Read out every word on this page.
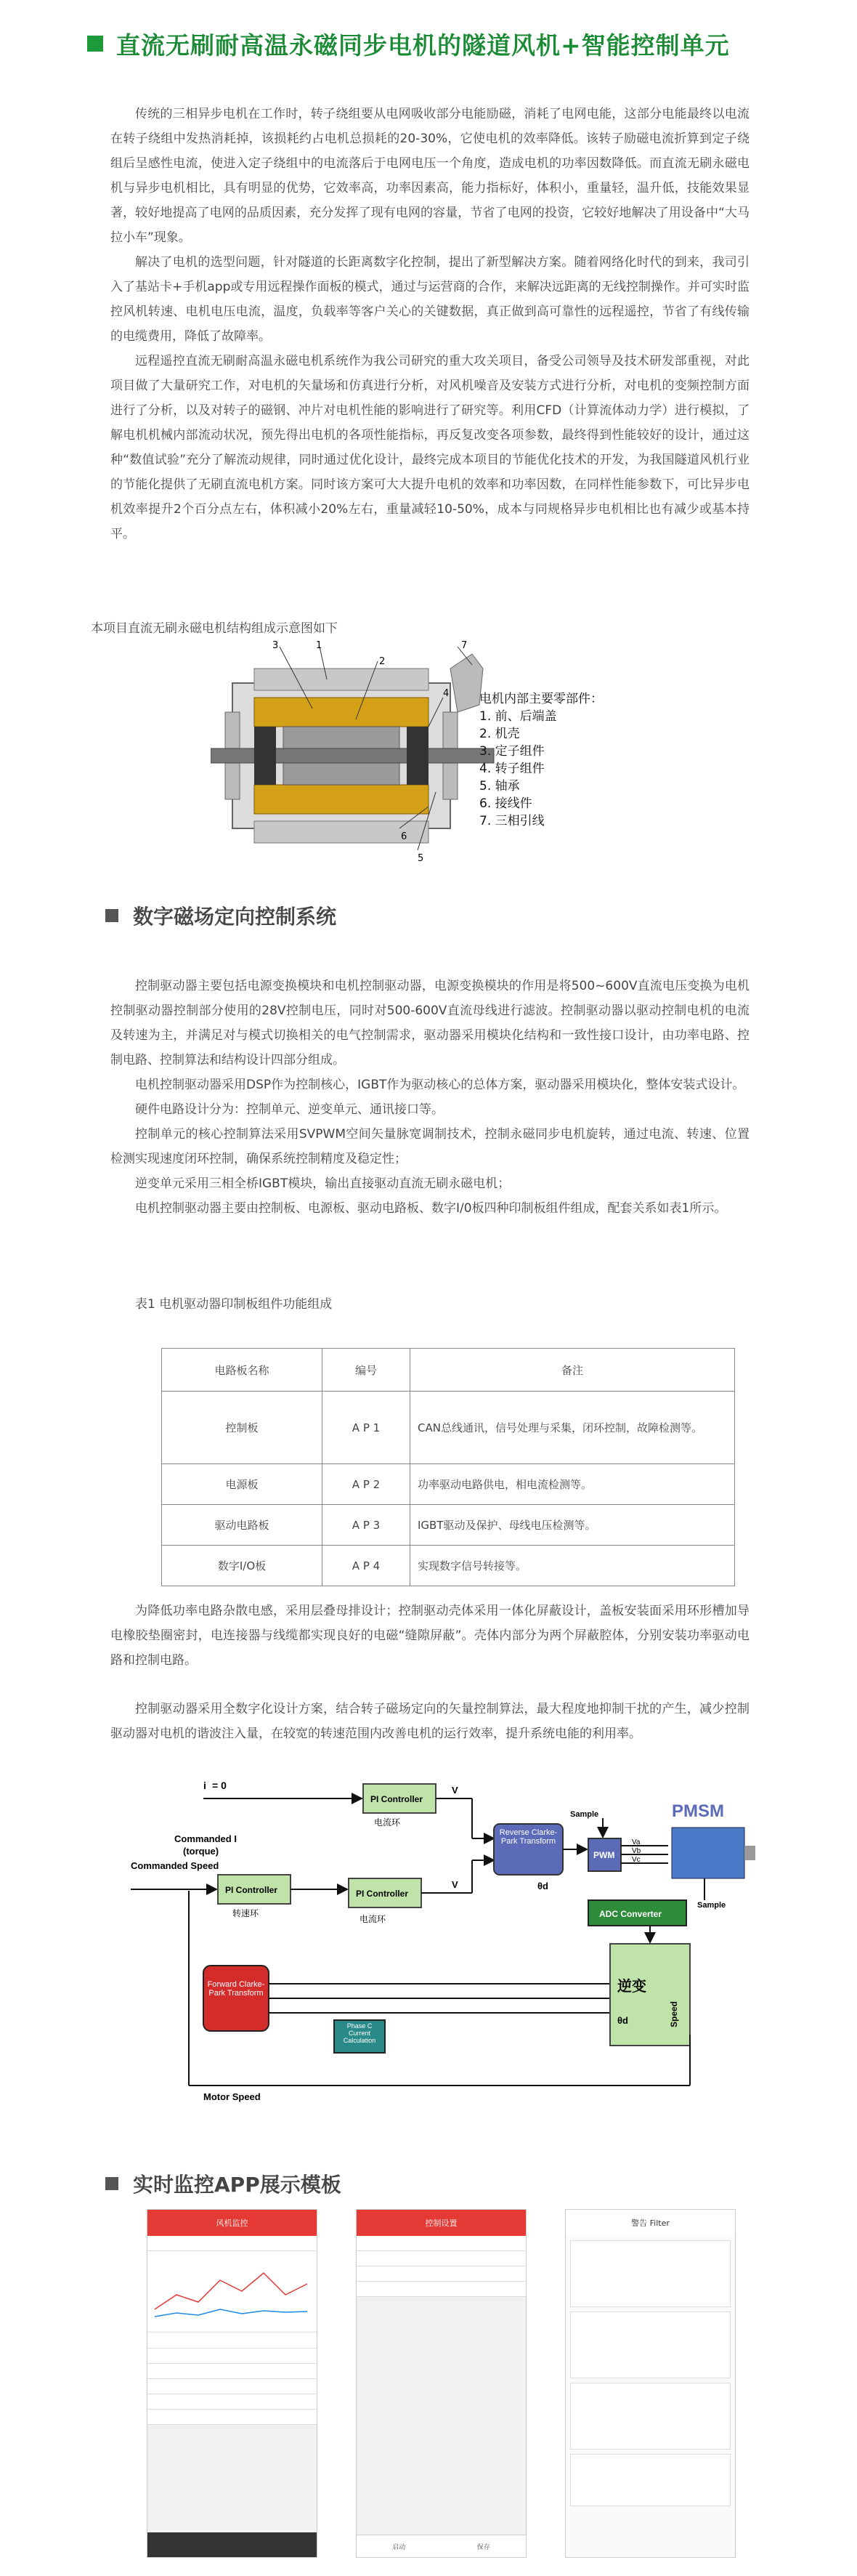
直流无刷耐高温永磁同步电机的隧道风机+智能控制单元

传统的三相异步电机在工作时，转子绕组要从电网吸收部分电能励磁，消耗了电网电能，这部分电能最终以电流在转子绕组中发热消耗掉，该损耗约占电机总损耗的20-30%，它使电机的效率降低。该转子励磁电流折算到定子绕组后呈感性电流，使进入定子绕组中的电流落后于电网电压一个角度，造成电机的功率因数降低。而直流无刷永磁电机与异步电机相比，具有明显的优势，它效率高，功率因素高，能力指标好，体积小，重量轻，温升低，技能效果显著，较好地提高了电网的品质因素，充分发挥了现有电网的容量，节省了电网的投资，它较好地解决了用设备中“大马拉小车”现象。

解决了电机的选型问题，针对隧道的长距离数字化控制，提出了新型解决方案。随着网络化时代的到来，我司引入了基站卡+手机app或专用远程操作面板的模式，通过与运营商的合作，来解决远距离的无线控制操作。并可实时监控风机转速、电机电压电流，温度，负载率等客户关心的关键数据，真正做到高可靠性的远程遥控，节省了有线传输的电缆费用，降低了故障率。

远程遥控直流无刷耐高温永磁电机系统作为我公司研究的重大攻关项目，备受公司领导及技术研发部重视，对此项目做了大量研究工作，对电机的矢量场和仿真进行分析，对风机噪音及安装方式进行分析，对电机的变频控制方面进行了分析，以及对转子的磁钢、冲片对电机性能的影响进行了研究等。利用CFD（计算流体动力学）进行模拟，了解电机机械内部流动状况，预先得出电机的各项性能指标，再反复改变各项参数，最终得到性能较好的设计，通过这种“数值试验”充分了解流动规律，同时通过优化设计，最终完成本项目的节能优化技术的开发，为我国隧道风机行业的节能化提供了无刷直流电机方案。同时该方案可大大提升电机的效率和功率因数，在同样性能参数下，可比异步电机效率提升2个百分点左右，体积减小20%左右，重量减轻10-50%，成本与同规格异步电机相比也有减少或基本持平。

本项目直流无刷永磁电机结构组成示意图如下
3	1
2
7
4
6
5
电机内部主要零部件：
1. 前、后端盖
2. 机壳
3. 定子组件
4. 转子组件
5. 轴承
6. 接线件
7. 三相引线
数字磁场定向控制系统

控制驱动器主要包括电源变换模块和电机控制驱动器，电源变换模块的作用是将500~600V直流电压变换为电机控制驱动器控制部分使用的28V控制电压，同时对500-600V直流母线进行滤波。控制驱动器以驱动控制电机的电流及转速为主，并满足对与模式切换相关的电气控制需求，驱动器采用模块化结构和一致性接口设计，由功率电路、控制电路、控制算法和结构设计四部分组成。

电机控制驱动器采用DSP作为控制核心，IGBT作为驱动核心的总体方案，驱动器采用模块化，整体安装式设计。

硬件电路设计分为：控制单元、逆变单元、通讯接口等。

控制单元的核心控制算法采用SVPWM空间矢量脉宽调制技术，控制永磁同步电机旋转，通过电流、转速、位置检测实现速度闭环控制，确保系统控制精度及稳定性；

逆变单元采用三相全桥IGBT模块，输出直接驱动直流无刷永磁电机；

电机控制驱动器主要由控制板、电源板、驱动电路板、数字I/0板四种印制板组件组成，配套关系如表1所示。

表1 电机驱动器印制板组件功能组成
电路板名称	编号	备注
控制板	A P 1	CAN总线通讯，信号处理与采集，闭环控制，故障检测等。
电源板	A P 2	功率驱动电路供电，相电流检测等。
驱动电路板	A P 3	IGBT驱动及保护、母线电压检测等。
数字I/O板	A P 4	实现数字信号转接等。

为降低功率电路杂散电感，采用层叠母排设计；控制驱动壳体采用一体化屏蔽设计，盖板安装面采用环形槽加导电橡胶垫圈密封，电连接器与线缆都实现良好的电磁“缝隙屏蔽”。壳体内部分为两个屏蔽腔体，分别安装功率驱动电路和控制电路。

控制驱动器采用全数字化设计方案，结合转子磁场定向的矢量控制算法，最大程度地抑制干扰的产生，减少控制驱动器对电机的谐波注入量，在较宽的转速范围内改善电机的运行效率，提升系统电能的利用率。

i = 0
PI Controller
电流环
V
Commanded I
(torque)
Commanded Speed
PI Controller
转速环
PI Controller
电流环
V
Reverse Clarke-Park Transform
θd
Sample
PWM
Va
Vb
Vc
PMSM
ADC Converter
Sample
Forward Clarke-Park Transform
Phase C Current Calculation
逆变
θd	Speed
Motor Speed
实时监控APP展示模板
风机监控	控制设置
启动	保存
警告 Filter
